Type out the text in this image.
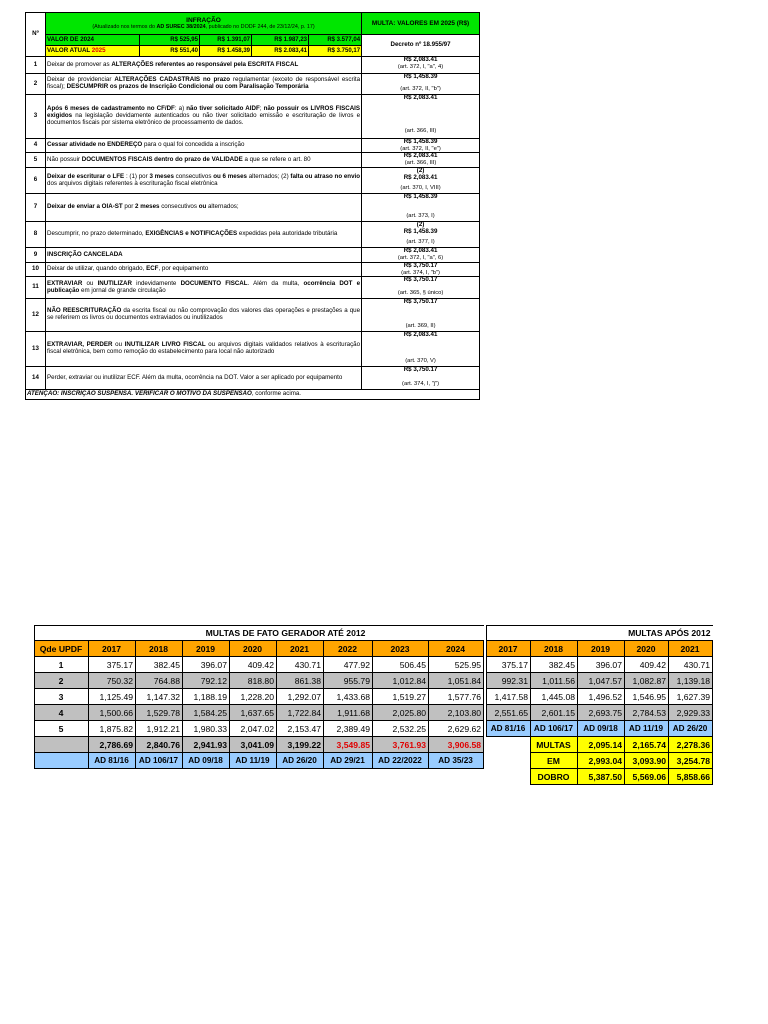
Nº	INFRAÇÃO
(Atualizado nos termos do AD SUREC 38/2024, publicado no DODF 244, de 23/12/24, p. 17)					MULTA: VALORES EM 2025 (R$)
	VALOR DE 2024	R$ 525,95	R$ 1.391,07	R$ 1.987,23	R$ 3.577,04	Decreto nº 18.955/97
	VALOR ATUAL 2025	R$ 551,40	R$ 1.458,39	R$ 2.083,41	R$ 3.750,17	
1	Deixar de promover as ALTERAÇÕES referentes ao responsável pela ESCRITA FISCAL					R$ 2,083.41
(art. 372, I, "a", 4)

2	Deixar de providenciar ALTERAÇÕES CADASTRAIS no prazo regulamentar (exceto de responsável escrita fiscal); DESCUMPRIR os prazos de Inscrição Condicional ou com Paralisação Temporária					R$ 1,458.39
(art. 372, II, "b")

3	Após 6 meses de cadastramento no CF/DF: a) não tiver solicitado AIDF; não possuir os LIVROS FISCAIS exigidos na legislação devidamente autenticados ou não tiver solicitado emissão e escrituração de livros e documentos fiscais por sistema eletrônico de processamento de dados.					R$ 2,083.41
(art. 366, III)

4	Cessar atividade no ENDEREÇO para o qual foi concedida a inscrição					R$ 1,458.39
(art. 372, II, "e")

5	Não possuir DOCUMENTOS FISCAIS dentro do prazo de VALIDADE a que se refere o art. 80					R$ 2,083.41
(art. 366, III)

6	Deixar de escriturar o LFE : (1) por 3 meses consecutivos ou 6 meses alternados; (2) falta ou atraso no envio dos arquivos digitais referentes à escrituração fiscal eletrônica					(2)
R$ 2,083.41
(art. 370, I, VIII)

7	Deixar de enviar a OIA-ST por 2 meses consecutivos ou alternados;					R$ 1,458.39
(art. 373, I)

8	Descumprir, no prazo determinado, EXIGÊNCIAS e NOTIFICAÇÕES expedidas pela autoridade tributária					(2)
R$ 1,458.39
(art. 377, I)

9	INSCRIÇÃO CANCELADA					R$ 2,083.41
(art. 372, I, "a", 6)

10	Deixar de utilizar, quando obrigado, ECF, por equipamento					R$ 3,750.17
(art. 374, I, "b")

11	EXTRAVIAR ou INUTILIZAR indevidamente DOCUMENTO FISCAL. Além da multa, ocorrência DOT e publicação em jornal de grande circulação					R$ 3,750.17
(art. 365, § único)

12	NÃO REESCRITURAÇÃO da escrita fiscal ou não comprovação dos valores das operações e prestações a que se referirem os livros ou documentos extraviados ou inutilizados					R$ 3,750.17
(art. 369, II)

13	EXTRAVIAR, PERDER ou INUTILIZAR LIVRO FISCAL ou arquivos digitais validados relativos à escrituração fiscal eletrônica, bem como remoção do estabelecimento para local não autorizado					R$ 2,083.41
(art. 370, V)

14	Perder, extraviar ou inutilizar ECF. Além da multa, ocorrência na DOT. Valor a ser aplicado por equipamento					R$ 3,750.17
(art. 374, I, "j")

ATENÇÃO: INSCRIÇÃO SUSPENSA. VERIFICAR O MOTIVO DA SUSPENSÃO, conforme acima.						
	MULTAS DE FATO GERADOR ATÉ 2012							
Qde UPDF	2017	2018	2019	2020	2021	2022	2023	2024
1	375.17	382.45	396.07	409.42	430.71	477.92	506.45	525.95
2	750.32	764.88	792.12	818.80	861.38	955.79	1,012.84	1,051.84
3	1,125.49	1,147.32	1,188.19	1,228.20	1,292.07	1,433.68	1,519.27	1,577.76
4	1,500.66	1,529.78	1,584.25	1,637.65	1,722.84	1,911.68	2,025.80	2,103.80
5	1,875.82	1,912.21	1,980.33	2,047.02	2,153.47	2,389.49	2,532.25	2,629.62
	2,786.69	2,840.76	2,941.93	3,041.09	3,199.22	3,549.85	3,761.93	3,906.58
	AD 81/16	AD 106/17	AD 09/18	AD 11/19	AD 26/20	AD 29/21	AD 22/2022	AD 35/23
MULTAS APÓS 2012				
2017	2018	2019	2020	2021
375.17	382.45	396.07	409.42	430.71
992.31	1,011.56	1,047.57	1,082.87	1,139.18
1,417.58	1,445.08	1,496.52	1,546.95	1,627.39
2,551.65	2,601.15	2,693.75	2,784.53	2,929.33
AD 81/16	AD 106/17	AD 09/18	AD 11/19	AD 26/20
	MULTAS	2,095.14	2,165.74	2,278.36
	EM	2,993.04	3,093.90	3,254.78
	DOBRO	5,387.50	5,569.06	5,858.66
